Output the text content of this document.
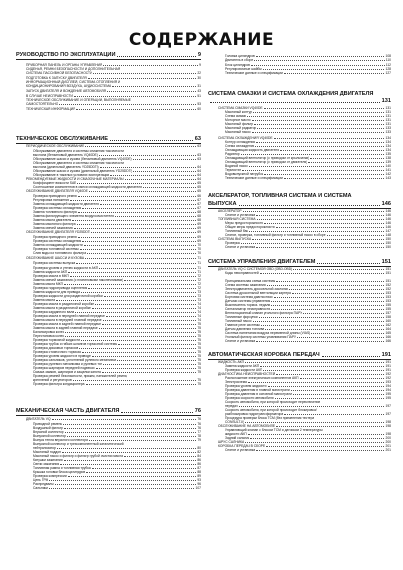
СОДЕРЖАНИЕ
РУКОВОДСТВО ПО ЭКСПЛУАТАЦИИ	9
ПРИБОРНАЯ ПАНЕЛЬ И ОРГАНЫ УПРАВЛЕНИЯ	9
СИДЕНЬЯ, РЕМНИ БЕЗОПАСНОСТИ И ДОПОЛНИТЕЛЬНАЯ
СИСТЕМА ПАССИВНОЙ БЕЗОПАСНОСТИ	22
ПОДГОТОВКА К ЗАПУСКУ ДВИГАТЕЛЯ	30
ИНФОРМАЦИОННЫЙ ДИСПЛЕЙ, СИСТЕМА ОТОПЛЕНИЯ И
КОНДИЦИОНИРОВАНИЯ ВОЗДУХА, АУДИОСИСТЕМА	31
ЗАПУСК ДВИГАТЕЛЯ И ВОЖДЕНИЕ АВТОМОБИЛЯ	43
В СЛУЧАЕ НЕИСПРАВНОСТИ	51
ТЕХНИЧЕСКОЕ ОБСЛУЖИВАНИЕ И ОПЕРАЦИИ, ВЫПОЛНЯЕМЫЕ
САМОСТОЯТЕЛЬНО	53
ТЕХНИЧЕСКАЯ ИНФОРМАЦИЯ	60
ТЕХНИЧЕСКОЕ ОБСЛУЖИВАНИЕ	63
ПЕРИОДИЧЕСКОЕ ОБСЛУЖИВАНИЕ	63
Обслуживание двигателя и системы снижения токсичности
выхлопа (бензиновый двигатель VQ40DE)	63
Обслуживание шасси и кузова (бензиновый двигатель VQ40DE)	63
Обслуживание двигателя и системы снижения токсичности
выхлопа (дизельный двигатель YD25DDTi)	64
Обслуживание шасси и кузова (дизельный двигатель YD25DDTi)	64
Обслуживание в тяжелых условиях эксплуатации	64
РЕКОМЕНДУЕМЫЕ ЖИДКОСТИ И СМАЗОЧНЫЕ МАТЕРИАЛЫ	64
Коэффициент вязкости SAE	65
Соотношение компонентов в смеси охлаждающей жидкости двигателя	65
ОБСЛУЖИВАНИЕ ДВИГАТЕЛЯ VQ40DE	65
Проверка приводного ремня	66
Регулировка натяжения	67
Замена охлаждающей жидкости двигателя	67
Проверка системы охлаждения	67
Замена топливного фильтра	68
Замена фильтрующего элемента воздухоочистителя	68
Замена масла двигателя	68
Замена масляного фильтра	69
Замена свечей зажигания	69
ОБСЛУЖИВАНИЕ ДВИГАТЕЛЯ YD25DDTi	69
Проверка приводного ремня	69
Проверка системы охлаждения	69
Замена охлаждающей жидкости	70
Проверка топливной системы	70
Слив воды из топливного фильтра	70
ОБСЛУЖИВАНИЕ ШАССИ И КУЗОВА	71
Проверка системы выпуска	71
Проверка уровня и утечек жидкости в АКП	71
Замена жидкости АКП	71
Проверка масла в МКП	72
Замена свечей зажигания (с платиновыми наконечниками)	72
Замена масла МКП	72
Проверка гидропривода сцепления	72
Замена жидкости для привода	73
Проверка жидкости для раздаточной коробки	73
Замена масла	73
Проверка масла в раздаточной коробке	74
Замена масла в раздаточной коробке	74
Проверка карданного вала	74
Проверка масла в передней главной передаче	74
Замена масла в передней главной передаче	74
Проверка масла в задней главной передаче	75
Замена масла в задней главной передаче	75
Балансировка колес	75
Перестановка колес	75
Проверка тормозной жидкости	75
Проверка трубок и гибких шлангов тормозной системы	75
Проверка дисковых тормозов	75
Проверка стояночного тормоза	75
Проверка уровня жидкости в приводе	75
Проверка сальников, уплотнений рулевого механизма	75
Проверка рулевого механизма и рулевых тяг	75
Проверка шарниров передней подвески	75
Смазка замков, шарниров и защелки капота	75
Проверка ремней безопасности, пряжек, натяжителей ремня,
креплений и регуляторов	75
Проверка фильтра кондиционера	75
МЕХАНИЧЕСКАЯ ЧАСТЬ ДВИГАТЕЛЯ	76
ДВИГАТЕЛЬ VQ	76
Приводной ремень	76
Воздушный фильтр	76
Впускной коллектор	77
Выпускной коллектор	78
Выпуск тепла впускного коллектора	79
Выпускной коллектор и трехкомпонентный каталитический
нейтрализатор	80
Масляный поддон	82
Масляный насос и фильтр и фильтр грубой очистки масла	84
Катушки зажигания	86
Свечи зажигания	86
Топливная рампа и топливная трубка	87
Крышка головки блока цилиндров	88
Проверка компрессии	89
Цепь ГРМ	93
Распредвалы	96
Сальники	107
Головка цилиндров	108
Двигатель в сборе	110
Блок цилиндров	112
Регулировочные шайбы	128
Технические данные и спецификации	127
СИСТЕМА СМАЗКИ И СИСТЕМА ОХЛАЖДЕНИЯ ДВИГАТЕЛЯ
131
СИСТЕМА СМАЗКИ VQ40DE	131
Масляный контур	131
Схема смазки	131
Моторное масло	131
Масляный фильтр	131
Масляный радиатор	133
Масляный насос	133
СИСТЕМА ОХЛАЖДЕНИЯ VQ40DE	134
Контур охлаждения	134
Схема охлаждения	134
Охлаждающая жидкость двигателя	134
Радиатор	135
Охлаждающий вентилятор (с приводом от крыльчатки)	138
Охлаждающий вентилятор (с приводом от двигателя)	139
Водяной насос	140
Термостат	141
Водовыпускной патрубок	142
Технические данные и спецификации	143
АКСЕЛЕРАТОР, ТОПЛИВНАЯ СИСТЕМА И СИСТЕМА
ВЫПУСКА	146
АКСЕЛЕРАТОР	146
Снятие и установка	146
ТОПЛИВНАЯ СИСТЕМА	146
Меры предосторожности	146
Общие меры предосторожности	146
Топливный бак	147
Снятие, проверка, топливный фильтр и топливный насос в сборе	148
СИСТЕМА ВЫПУСКА	150
Проверка	150
Снятие и установка	150
СИСТЕМА УПРАВЛЕНИЯ ДВИГАТЕЛЕМ	151
ДВИГАТЕЛЬ VQ С СИСТЕМОЙ OBD (OBD-OBD)	151
Коды неисправностей	151
Принципиальная схема системы	151
Схема системы зажигания	152
Электродвигатель дроссельной заслонки	152
Система дроссельной вентиляции картера	153
Бортовая система диагностики	153
Датчики системы управления	153
Выключатель тормоз. педали	155
Сигнализатор неисправности	155
Вентиляционный клапан угольного фильтра ПАРУ	157
Топливные форсунки	158
Топливный насос	160
Главное реле системы	162
Датчик давления топлива	164
Система нагнетания воздуха переменной длины (VIAS)	165
Угольный фильтр системы улавливания ПАРУ	166
Снятие и установка	166
АВТОМАТИЧЕСКАЯ КОРОБКА ПЕРЕДАЧ	191
ЖИДКОСТЬ АКП	191
Замена жидкости АКП	191
Проверка жидкости АКП	191
ДИАГНОСТИКА НЕИСПРАВНОСТЕЙ	192
Расположение электрических компонентов АКП	192
Электросхема	193
Проверка уровня жидкости	194
Проверка давления в главной магистрали	194
Проверка давления в основной магистрали	195
Проверка скорости автомобиля	195
Скорость автомобиля, при которой происходит переключение
передач	197
Скорость автомобиля, при которой происходит блокировка/
разблокировка гидротрансформатора	197
Процедура проверки блока TCM (без применения тестера
CONSULT-II)	198
ОБСЛУЖИВАНИЕ НА АВТОМОБИЛЕ	198
Управляющий клапан с блоком TCM и датчиком 2 температуры
жидкости АКП	198
Задний сальник	200
ШРУС САЛНИКА	200
КОРОБКА ПЕРЕДАЧ В СБОРЕ	201
Снятие и установка	201
